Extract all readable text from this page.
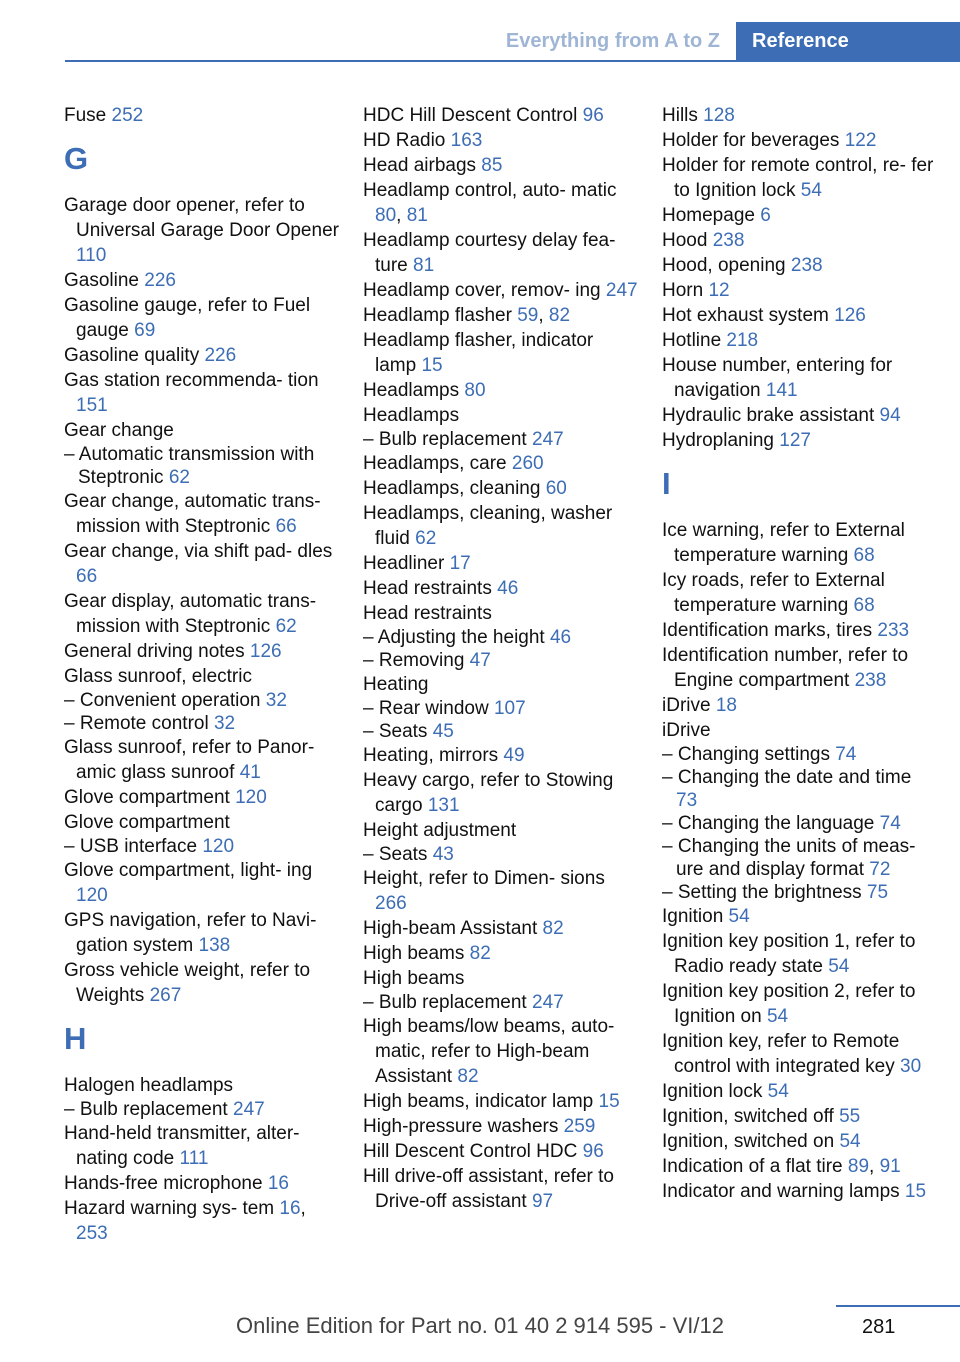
Everything from A to Z	Reference
Fuse 252
G
Garage door opener, refer to Universal Garage Door Opener 110
Gasoline 226
Gasoline gauge, refer to Fuel gauge 69
Gasoline quality 226
Gas station recommenda‐ tion 151
Gear change
– Automatic transmission with Steptronic 62
Gear change, automatic trans‐ mission with Steptronic 66
Gear change, via shift pad‐ dles 66
Gear display, automatic trans‐ mission with Steptronic 62
General driving notes 126
Glass sunroof, electric
– Convenient operation 32
– Remote control 32
Glass sunroof, refer to Panor‐ amic glass sunroof 41
Glove compartment 120
Glove compartment
– USB interface 120
Glove compartment, light‐ ing 120
GPS navigation, refer to Navi‐ gation system 138
Gross vehicle weight, refer to Weights 267
H
Halogen headlamps
– Bulb replacement 247
Hand-held transmitter, alter‐ nating code 111
Hands-free microphone 16
Hazard warning sys‐ tem 16, 253
HDC Hill Descent Control 96
HD Radio 163
Head airbags 85
Headlamp control, auto‐ matic 80, 81
Headlamp courtesy delay fea‐ ture 81
Headlamp cover, remov‐ ing 247
Headlamp flasher 59, 82
Headlamp flasher, indicator lamp 15
Headlamps 80
Headlamps
– Bulb replacement 247
Headlamps, care 260
Headlamps, cleaning 60
Headlamps, cleaning, washer fluid 62
Headliner 17
Head restraints 46
Head restraints
– Adjusting the height 46
– Removing 47
Heating
– Rear window 107
– Seats 45
Heating, mirrors 49
Heavy cargo, refer to Stowing cargo 131
Height adjustment
– Seats 43
Height, refer to Dimen‐ sions 266
High-beam Assistant 82
High beams 82
High beams
– Bulb replacement 247
High beams/low beams, auto‐ matic, refer to High-beam Assistant 82
High beams, indicator lamp 15
High-pressure washers 259
Hill Descent Control HDC 96
Hill drive-off assistant, refer to Drive-off assistant 97
Hills 128
Holder for beverages 122
Holder for remote control, re‐ fer to Ignition lock 54
Homepage 6
Hood 238
Hood, opening 238
Horn 12
Hot exhaust system 126
Hotline 218
House number, entering for navigation 141
Hydraulic brake assistant 94
Hydroplaning 127
I
Ice warning, refer to External temperature warning 68
Icy roads, refer to External temperature warning 68
Identification marks, tires 233
Identification number, refer to Engine compartment 238
iDrive 18
iDrive
– Changing settings 74
– Changing the date and time 73
– Changing the language 74
– Changing the units of meas‐ ure and display format 72
– Setting the brightness 75
Ignition 54
Ignition key position 1, refer to Radio ready state 54
Ignition key position 2, refer to Ignition on 54
Ignition key, refer to Remote control with integrated key 30
Ignition lock 54
Ignition, switched off 55
Ignition, switched on 54
Indication of a flat tire 89, 91
Indicator and warning lamps 15
281
Online Edition for Part no. 01 40 2 914 595 - VI/12
